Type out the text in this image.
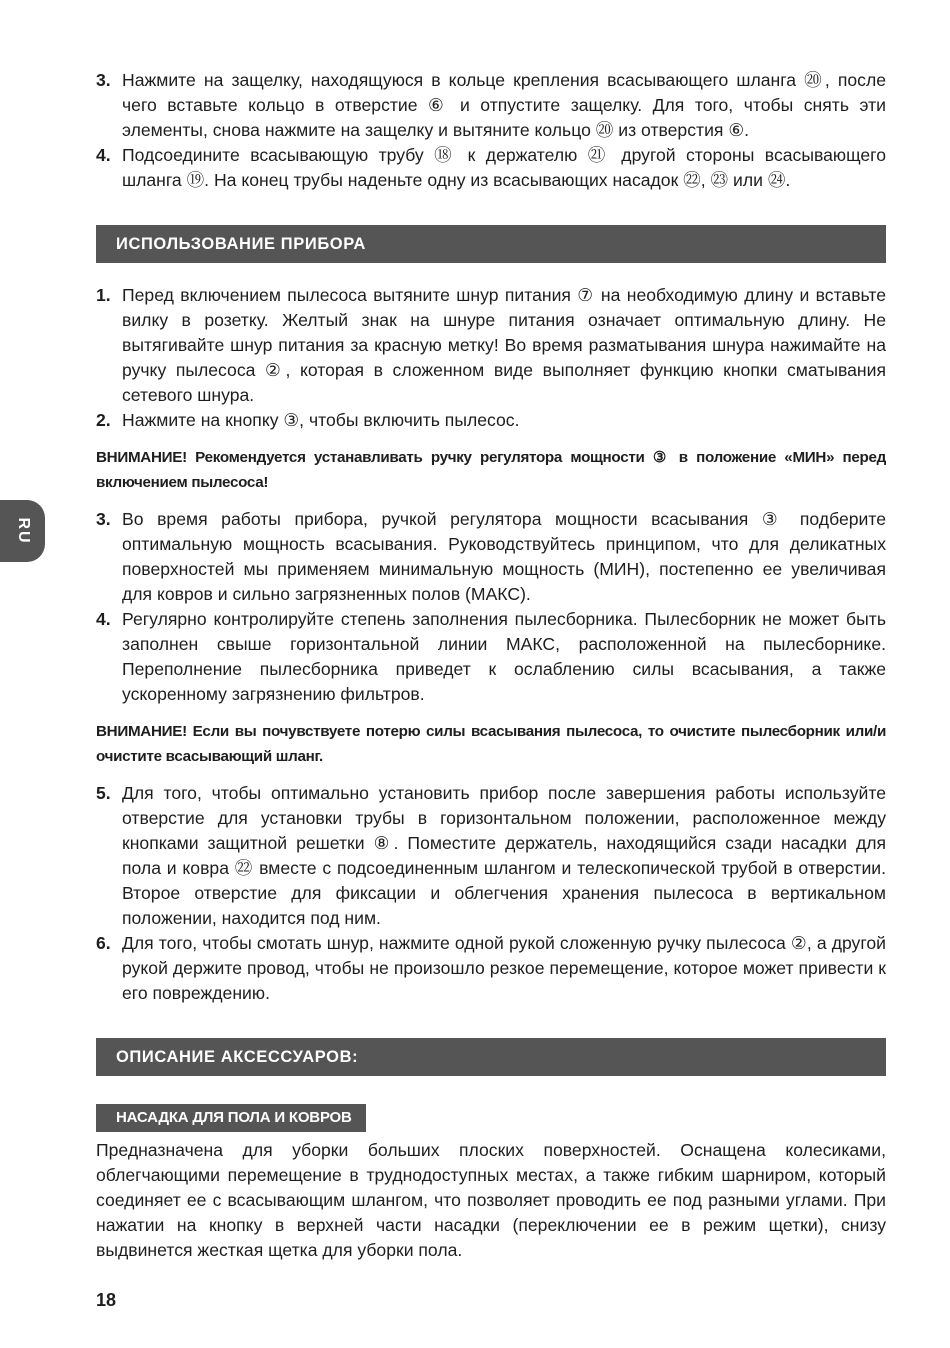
RU
3. Нажмите на защелку, находящуюся в кольце крепления всасывающего шланга ⑳, после чего вставьте кольцо в отверстие ⑥ и отпустите защелку. Для того, чтобы снять эти элементы, снова нажмите на защелку и вытяните кольцо ⑳ из отверстия ⑥.
4. Подсоедините всасывающую трубу ⑱ к держателю ㉑ другой стороны всасывающего шланга ⑲. На конец трубы наденьте одну из всасывающих насадок ㉒, ㉓ или ㉔.
ИСПОЛЬЗОВАНИЕ ПРИБОРА
1. Перед включением пылесоса вытяните шнур питания ⑦ на необходимую длину и вставьте вилку в розетку. Желтый знак на шнуре питания означает оптимальную длину. Не вытягивайте шнур питания за красную метку! Во время разматывания шнура нажимайте на ручку пылесоса ②, которая в сложенном виде выполняет функцию кнопки сматывания сетевого шнура.
2. Нажмите на кнопку ③, чтобы включить пылесос.
ВНИМАНИЕ! Рекомендуется устанавливать ручку регулятора мощности ③ в положение «МИН» перед включением пылесоса!
3. Во время работы прибора, ручкой регулятора мощности всасывания ③ подберите оптимальную мощность всасывания. Руководствуйтесь принципом, что для деликатных поверхностей мы применяем минимальную мощность (МИН), постепенно ее увеличивая для ковров и сильно загрязненных полов (МАКС).
4. Регулярно контролируйте степень заполнения пылесборника. Пылесборник не может быть заполнен свыше горизонтальной линии МАКС, расположенной на пылесборнике. Переполнение пылесборника приведет к ослаблению силы всасывания, а также ускоренному загрязнению фильтров.
ВНИМАНИЕ! Если вы почувствуете потерю силы всасывания пылесоса, то очистите пылесборник или/и очистите всасывающий шланг.
5. Для того, чтобы оптимально установить прибор после завершения работы используйте отверстие для установки трубы в горизонтальном положении, расположенное между кнопками защитной решетки ⑧. Поместите держатель, находящийся сзади насадки для пола и ковра ㉒ вместе с подсоединенным шлангом и телескопической трубой в отверстии. Второе отверстие для фиксации и облегчения хранения пылесоса в вертикальном положении, находится под ним.
6. Для того, чтобы смотать шнур, нажмите одной рукой сложенную ручку пылесоса ②, а другой рукой держите провод, чтобы не произошло резкое перемещение, которое может привести к его повреждению.
ОПИСАНИЕ АКСЕССУАРОВ:
НАСАДКА ДЛЯ ПОЛА И КОВРОВ

Предназначена для уборки больших плоских поверхностей. Оснащена колесиками, облегчающими перемещение в труднодоступных местах, а также гибким шарниром, который соединяет ее с всасывающим шлангом, что позволяет проводить ее под разными углами. При нажатии на кнопку в верхней части насадки (переключении ее в режим щетки), снизу выдвинется жесткая щетка для уборки пола.

18
